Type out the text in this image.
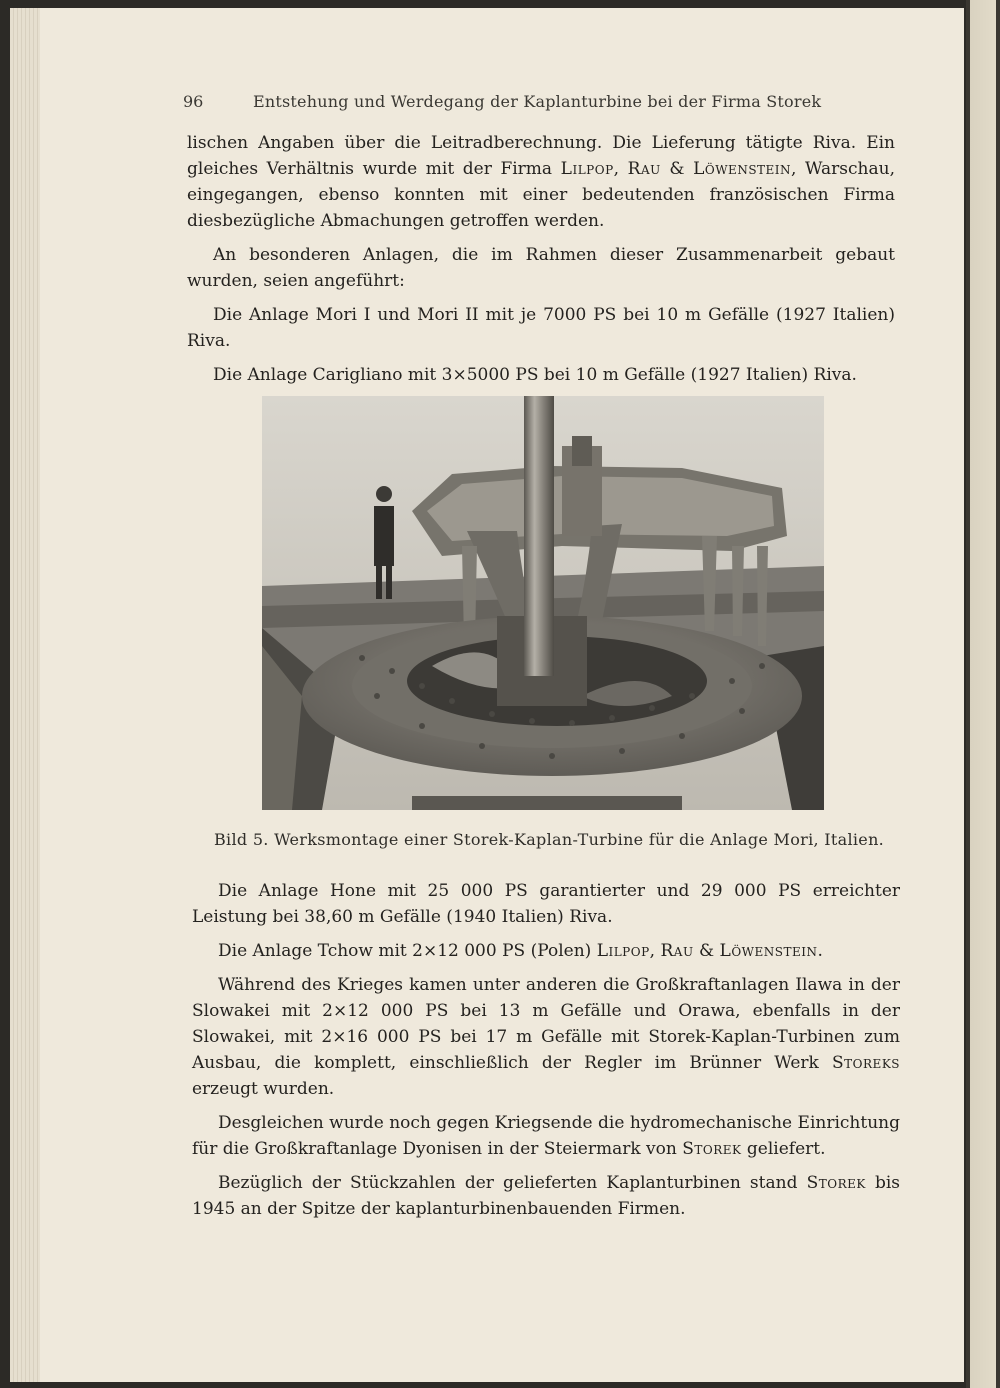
96	Entstehung und Werdegang der Kaplanturbine bei der Firma Storek

lischen Angaben über die Leitradberechnung. Die Lieferung tätigte Riva. Ein gleiches Verhältnis wurde mit der Firma Lilpop, Rau & Löwenstein, Warschau, eingegangen, ebenso konnten mit einer bedeutenden französischen Firma diesbezügliche Abmachungen getroffen werden.

An besonderen Anlagen, die im Rahmen dieser Zusammenarbeit gebaut wurden, seien angeführt:

Die Anlage Mori I und Mori II mit je 7000 PS bei 10 m Gefälle (1927 Italien) Riva.

Die Anlage Carigliano mit 3×5000 PS bei 10 m Gefälle (1927 Italien) Riva.

Bild 5. Werksmontage einer Storek-Kaplan-Turbine für die Anlage Mori, Italien.

Die Anlage Hone mit 25 000 PS garantierter und 29 000 PS erreichter Leistung bei 38,60 m Gefälle (1940 Italien) Riva.

Die Anlage Tchow mit 2×12 000 PS (Polen) Lilpop, Rau & Löwenstein.

Während des Krieges kamen unter anderen die Großkraftanlagen Ilawa in der Slowakei mit 2×12 000 PS bei 13 m Gefälle und Orawa, ebenfalls in der Slowakei, mit 2×16 000 PS bei 17 m Gefälle mit Storek-Kaplan-Turbinen zum Ausbau, die komplett, einschließlich der Regler im Brünner Werk Storeks erzeugt wurden.

Desgleichen wurde noch gegen Kriegsende die hydromechanische Einrichtung für die Großkraftanlage Dyonisen in der Steiermark von Storek geliefert.

Bezüglich der Stückzahlen der gelieferten Kaplanturbinen stand Storek bis 1945 an der Spitze der kaplanturbinenbauenden Firmen.
